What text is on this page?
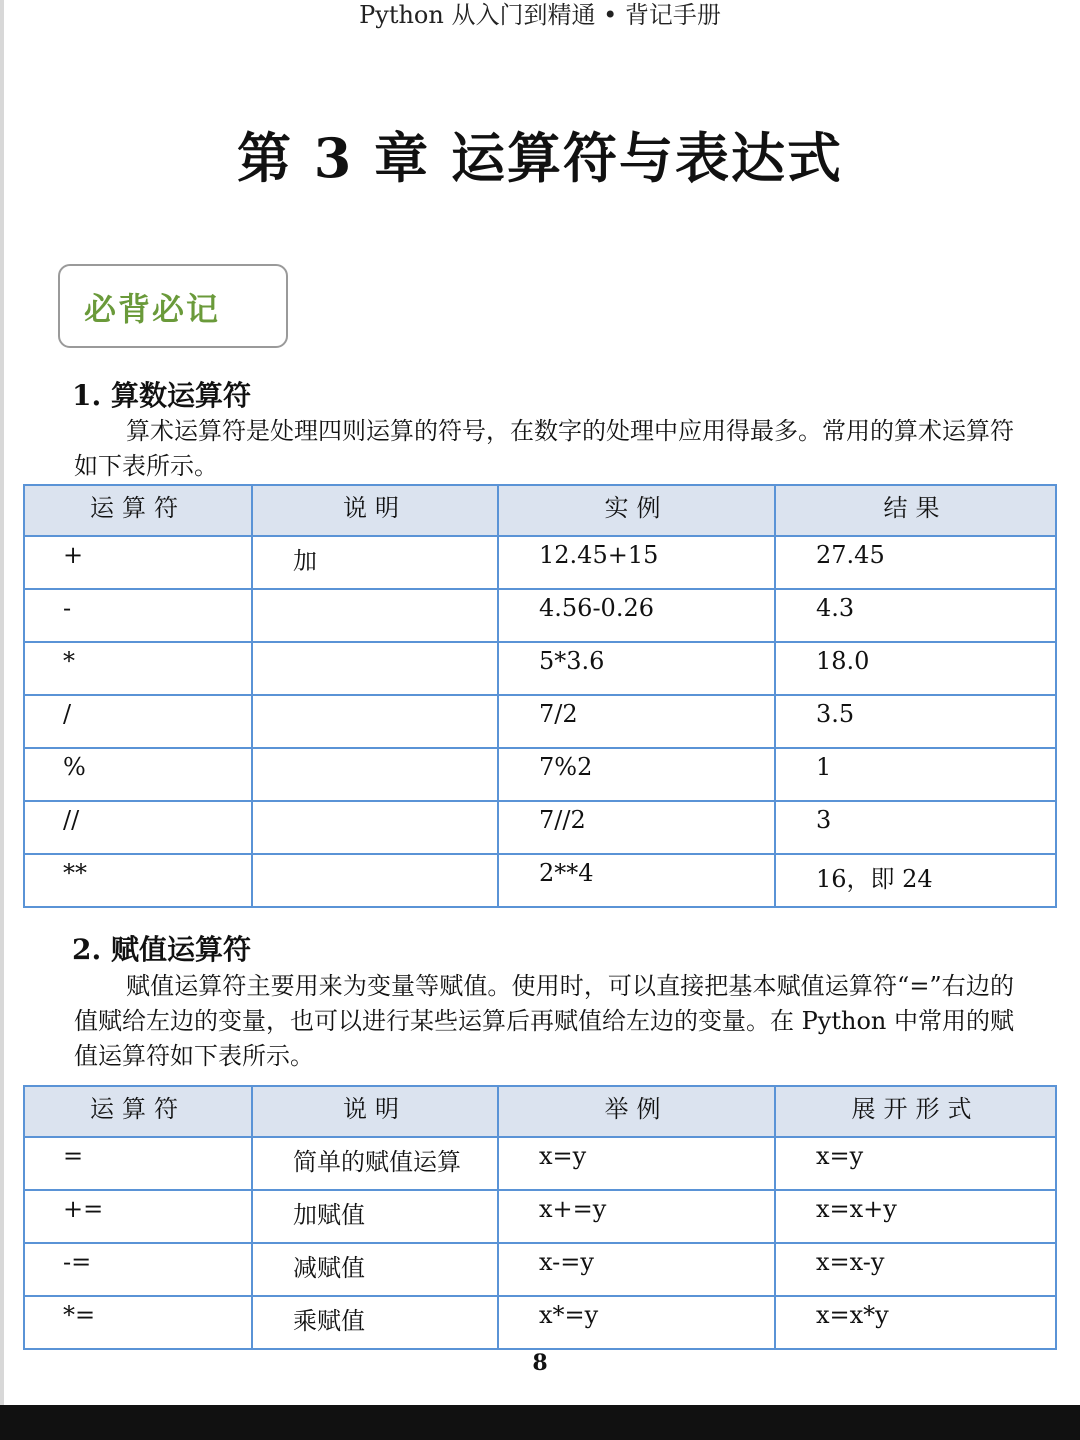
Python 从入门到精通 • 背记手册
第 3 章 运算符与表达式
必背必记
1. 算数运算符

算术运算符是处理四则运算的符号，在数字的处理中应用得最多。常用的算术运算符如下表所示。

运算符	说明	实例	结果
+	加	12.45+15	27.45
-		4.56-0.26	4.3
*		5*3.6	18.0
/		7/2	3.5
%		7%2	1
//		7//2	3
**		2**4	16，即 24
2. 赋值运算符

赋值运算符主要用来为变量等赋值。使用时，可以直接把基本赋值运算符“=”右边的值赋给左边的变量，也可以进行某些运算后再赋值给左边的变量。在 Python 中常用的赋值运算符如下表所示。

运算符	说明	举例	展开形式
=	简单的赋值运算	x=y	x=y
+=	加赋值	x+=y	x=x+y
-=	减赋值	x-=y	x=x-y
*=	乘赋值	x*=y	x=x*y
8
